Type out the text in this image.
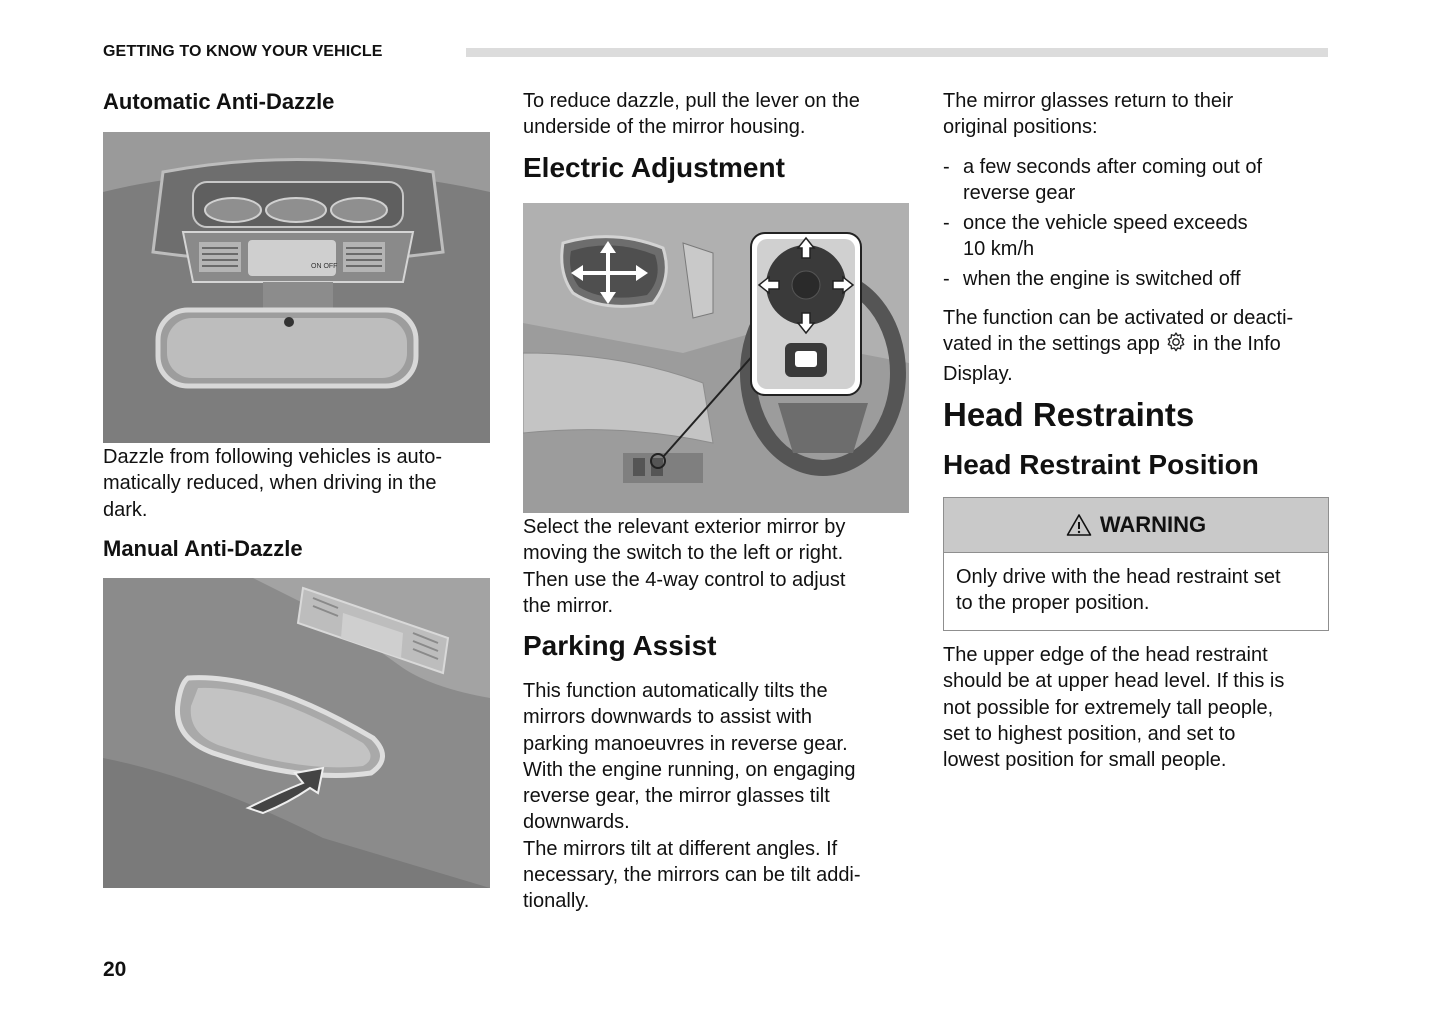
GETTING TO KNOW YOUR VEHICLE
Automatic Anti-Dazzle
ON OFF
Dazzle from following vehicles is auto-
matically reduced, when driving in the
dark.
Manual Anti-Dazzle
To reduce dazzle, pull the lever on the
underside of the mirror housing.
Electric Adjustment
Select the relevant exterior mirror by
moving the switch to the left or right.
Then use the 4-way control to adjust
the mirror.
Parking Assist
This function automatically tilts the
mirrors downwards to assist with
parking manoeuvres in reverse gear.
With the engine running, on engaging
reverse gear, the mirror glasses tilt
downwards.
The mirrors tilt at different angles. If
necessary, the mirrors can be tilt addi-
tionally.
The mirror glasses return to their
original positions:
- a few seconds after coming out of
reverse gear
- once the vehicle speed exceeds
10 km/h
- when the engine is switched off
The function can be activated or deacti-
vated in the settings app  in the Info
Display.
Head Restraints
Head Restraint Position
WARNING
Only drive with the head restraint set
to the proper position.
The upper edge of the head restraint
should be at upper head level. If this is
not possible for extremely tall people,
set to highest position, and set to
lowest position for small people.
20
